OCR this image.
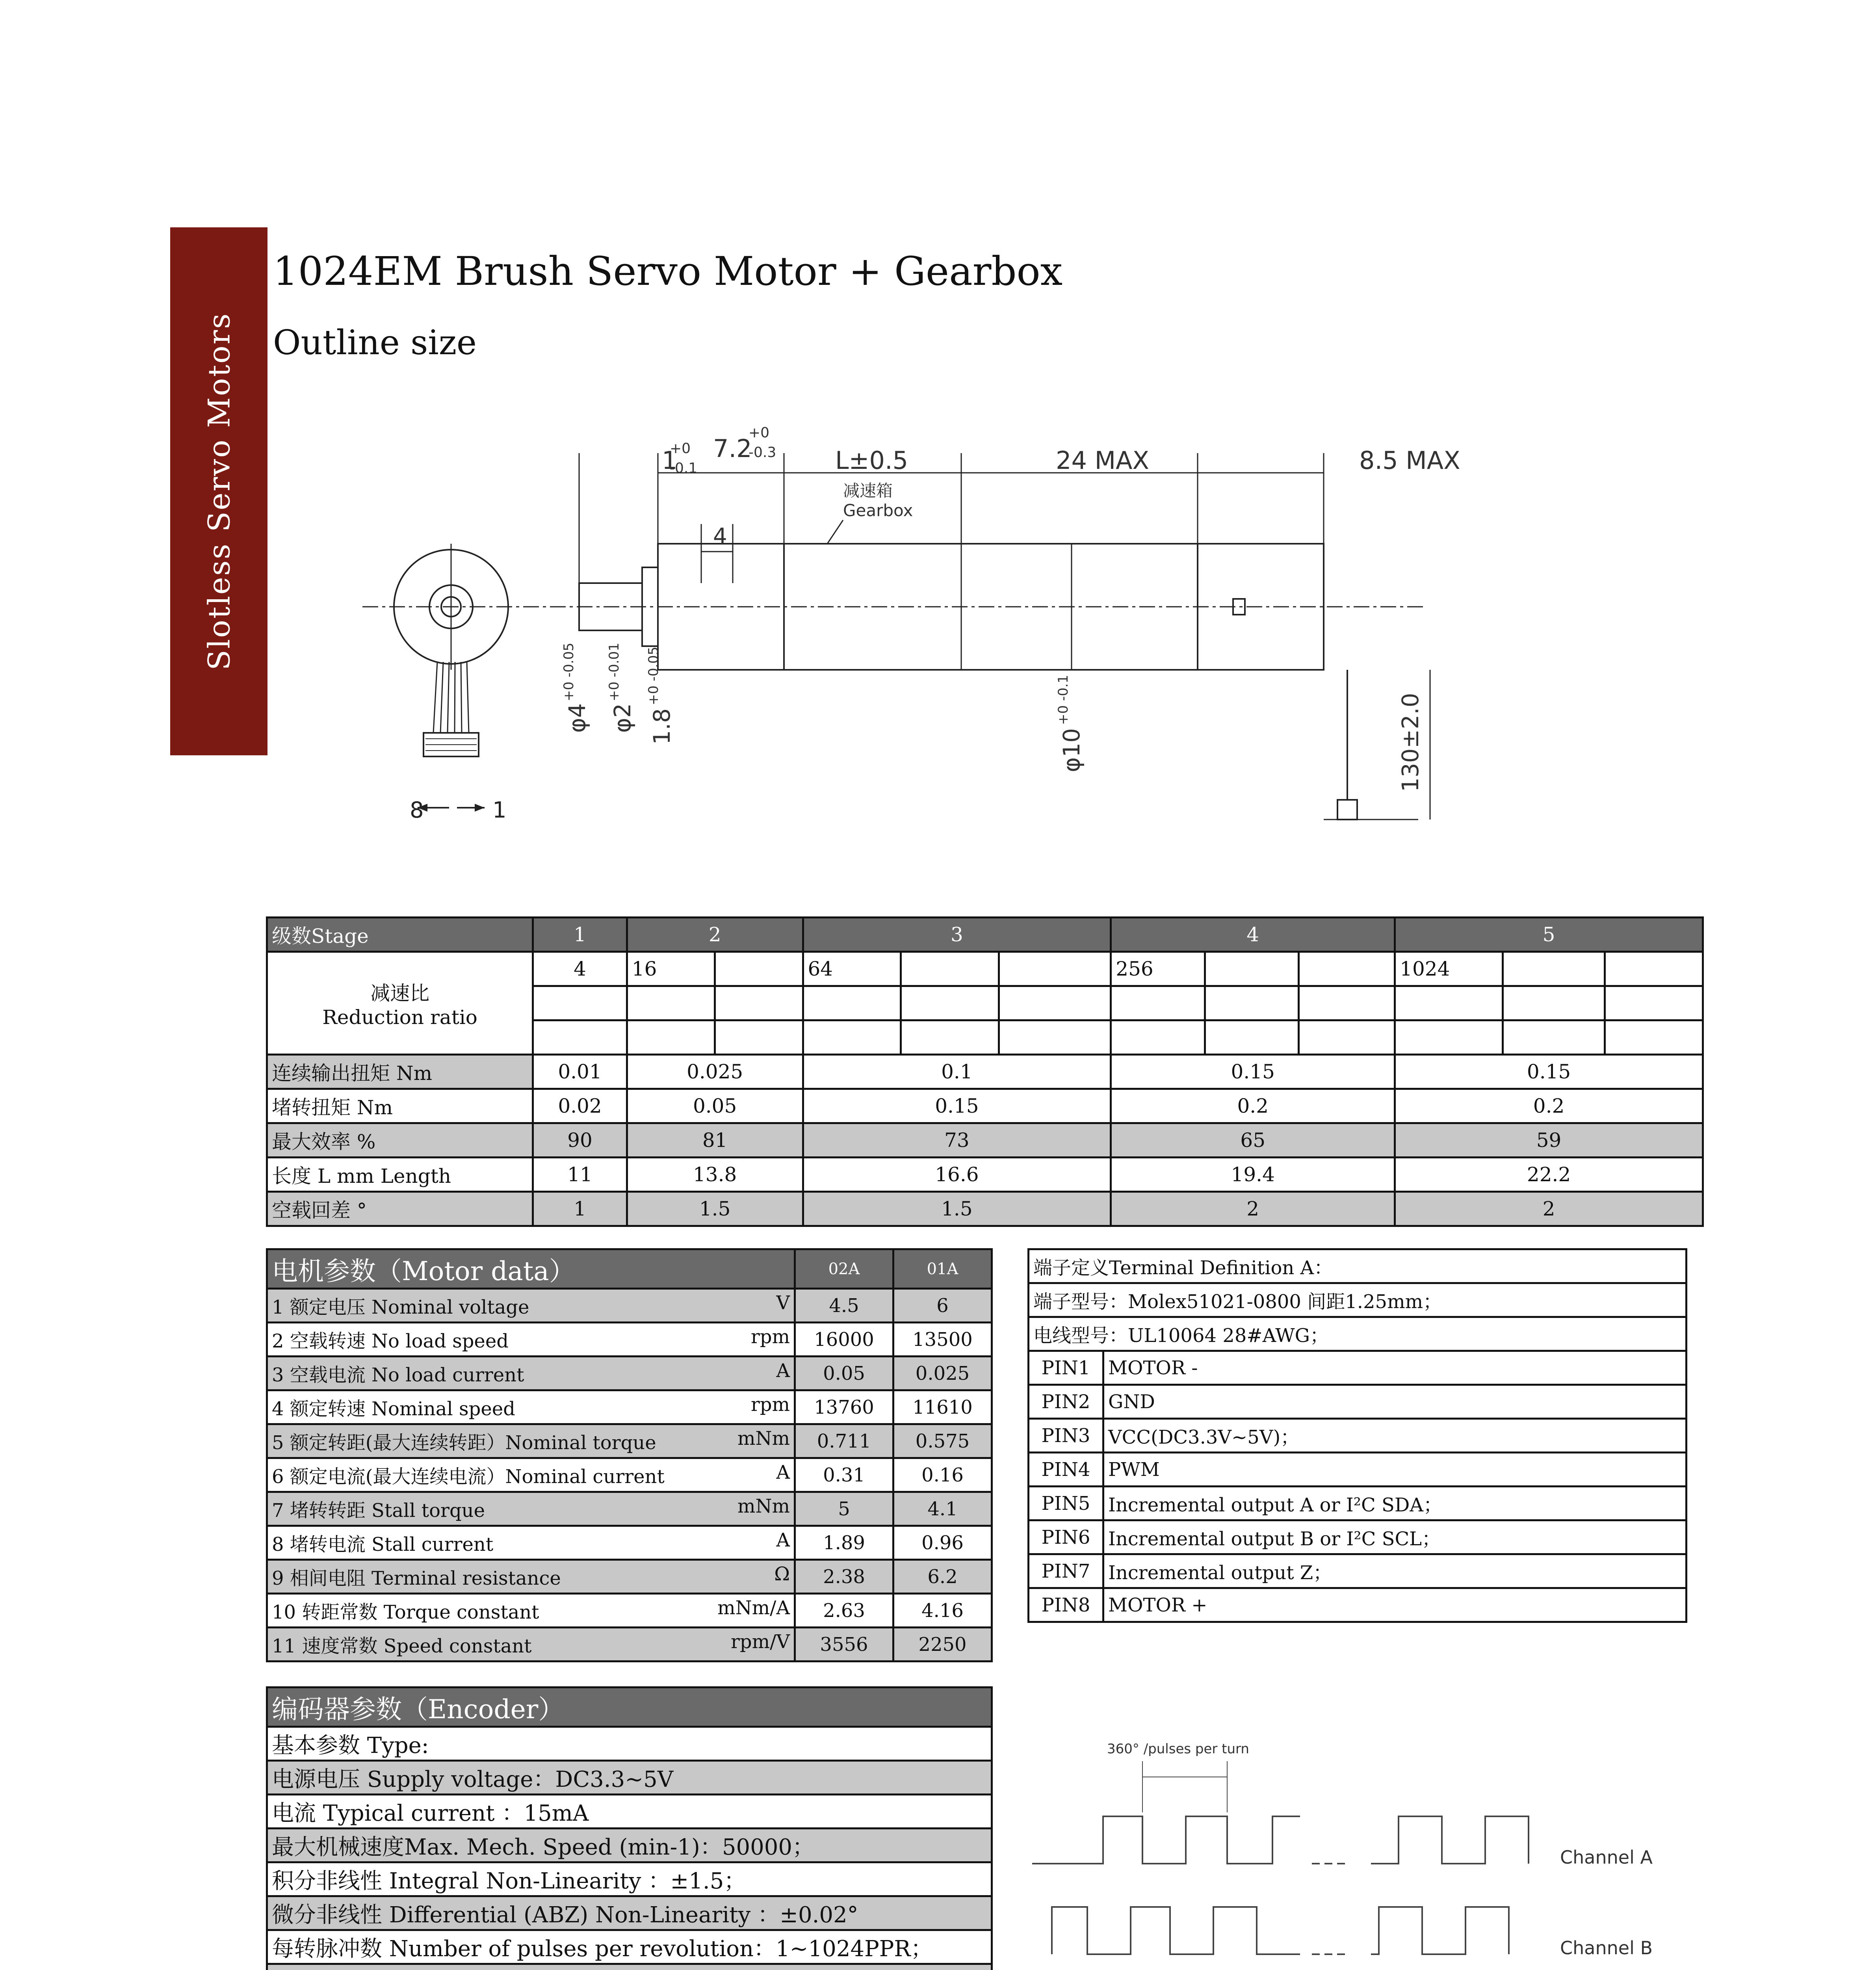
Slotless Servo Motors
1024EM Brush Servo Motor + Gearbox
Outline size
8	1
1
+0
-0.1
7.2
+0
-0.3 L±0.5	24 MAX	8.5 MAX
4
减速箱
Gearbox
φ4
+0 -0.05
φ2
+0 -0.01
1.8
+0 -0.05
φ10
+0 -0.1	130±2.0
级数Stage	1	2		3			4			5		

减速比
Reduction ratio	4	16		64			256			1024		

连续输出扭矩 Nm	0.01	0.025		0.1			0.15			0.15		
堵转扭矩 Nm	0.02	0.05		0.15			0.2			0.2		
最大效率 %	90	81		73			65			59		
长度 L mm Length	11	13.8		16.6			19.4			22.2		
空载回差 °	1	1.5		1.5			2			2		
电机参数（Motor data）	02A	01A

1 额定电压 Nominal voltage V	4.5	6

2 空载转速 No load speed rpm	16000	13500

3 空载电流 No load current A	0.05	0.025

4 额定转速 Nominal speed rpm	13760	11610

5 额定转距(最大连续转距）Nominal torque mNm	0.711	0.575

6 额定电流(最大连续电流）Nominal current A	0.31	0.16

7 堵转转距 Stall torque mNm	5	4.1

8 堵转电流 Stall current A	1.89	0.96

9 相间电阻 Terminal resistance Ω	2.38	6.2

10 转距常数 Torque constant mNm/A	2.63	4.16

11 速度常数 Speed constant rpm/V	3556	2250
端子定义Terminal Definition A：	
端子型号：Molex51021-0800 间距1.25mm；	
电线型号：UL10064 28#AWG；	
PIN1	MOTOR -
PIN2	GND
PIN3	VCC(DC3.3V~5V)；
PIN4	PWM
PIN5	Incremental output A or I²C SDA；
PIN6	Incremental output B or I²C SCL；
PIN7	Incremental output Z；
PIN8	MOTOR +
编码器参数（Encoder）
基本参数 Type:
电源电压 Supply voltage：DC3.3~5V
电流 Typical current ：15mA
最大机械速度Max. Mech. Speed (min-1)：50000；
积分非线性 Integral Non-Linearity ：±1.5；
微分非线性 Differential (ABZ) Non-Linearity ：±0.02°
每转脉冲数 Number of pulses per revolution：1~1024PPR；

360° /pulses per turn
Channel A
Channel B
